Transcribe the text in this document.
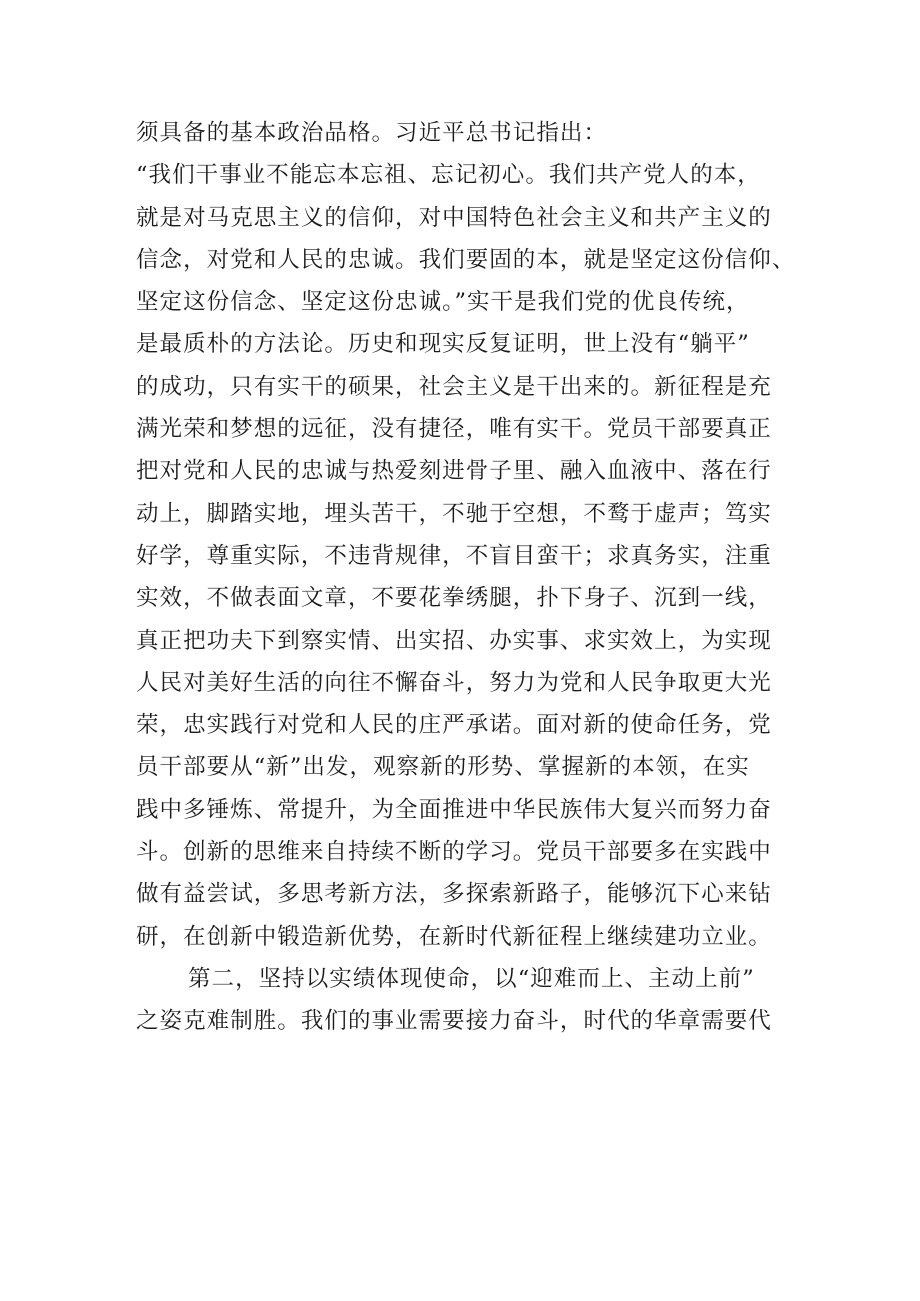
须具备的基本政治品格。习近平总书记指出：
“我们干事业不能忘本忘祖、忘记初心。我们共产党人的本，
就是对马克思主义的信仰，对中国特色社会主义和共产主义的
信念，对党和人民的忠诚。我们要固的本，就是坚定这份信仰、
坚定这份信念、坚定这份忠诚。”实干是我们党的优良传统，
是最质朴的方法论。历史和现实反复证明，世上没有“躺平”
的成功，只有实干的硕果，社会主义是干出来的。新征程是充
满光荣和梦想的远征，没有捷径，唯有实干。党员干部要真正
把对党和人民的忠诚与热爱刻进骨子里、融入血液中、落在行
动上，脚踏实地，埋头苦干，不驰于空想，不鹜于虚声；笃实
好学，尊重实际，不违背规律，不盲目蛮干；求真务实，注重
实效，不做表面文章，不要花拳绣腿，扑下身子、沉到一线，
真正把功夫下到察实情、出实招、办实事、求实效上，为实现
人民对美好生活的向往不懈奋斗，努力为党和人民争取更大光
荣，忠实践行对党和人民的庄严承诺。面对新的使命任务，党
员干部要从“新”出发，观察新的形势、掌握新的本领，在实
践中多锤炼、常提升，为全面推进中华民族伟大复兴而努力奋
斗。创新的思维来自持续不断的学习。党员干部要多在实践中
做有益尝试，多思考新方法，多探索新路子，能够沉下心来钻
研，在创新中锻造新优势，在新时代新征程上继续建功立业。
第二，坚持以实绩体现使命，以“迎难而上、主动上前”
之姿克难制胜。我们的事业需要接力奋斗，时代的华章需要代
